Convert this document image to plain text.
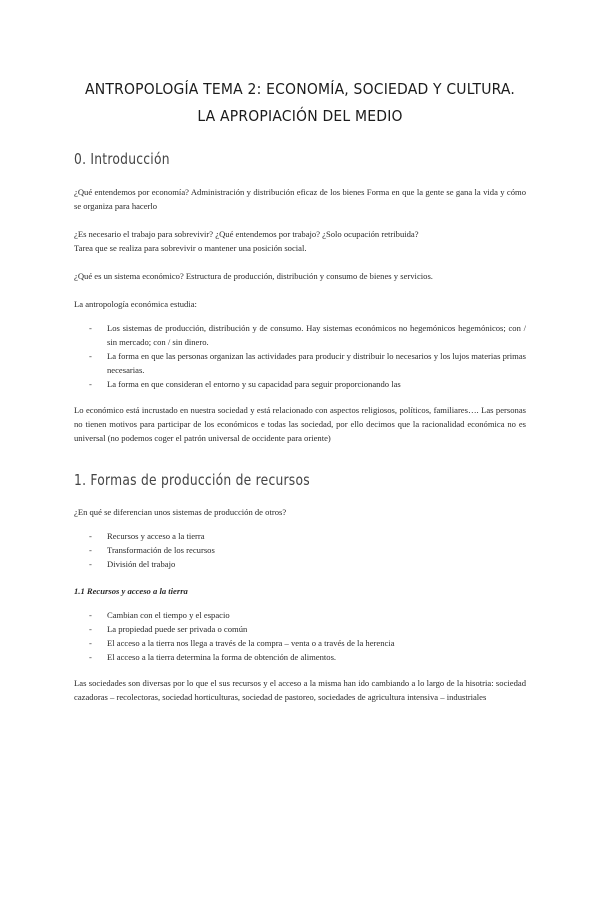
ANTROPOLOGÍA TEMA 2: ECONOMÍA, SOCIEDAD Y CULTURA. LA APROPIACIÓN DEL MEDIO
0. Introducción

¿Qué entendemos por economía? Administración y distribución eficaz de los bienes Forma en que la gente se gana la vida y cómo se organiza para hacerlo

¿Es necesario el trabajo para sobrevivir? ¿Qué entendemos por trabajo? ¿Solo ocupación retribuida?

Tarea que se realiza para sobrevivir o mantener una posición social.

¿Qué es un sistema económico? Estructura de producción, distribución y consumo de bienes y servicios.

La antropología económica estudia:

- Los sistemas de producción, distribución y de consumo. Hay sistemas económicos no hegemónicos hegemónicos; con / sin mercado; con / sin dinero.
- La forma en que las personas organizan las actividades para producir y distribuir lo necesarios y los lujos materias primas necesarias.
- La forma en que consideran el entorno y su capacidad para seguir proporcionando las

Lo económico está incrustado en nuestra sociedad y está relacionado con aspectos religiosos, políticos, familiares…. Las personas no tienen motivos para participar de los económicos e todas las sociedad, por ello decimos que la racionalidad económica no es universal (no podemos coger el patrón universal de occidente para oriente)

1. Formas de producción de recursos

¿En qué se diferencian unos sistemas de producción de otros?

- Recursos y acceso a la tierra
- Transformación de los recursos
- División del trabajo

1.1 Recursos y acceso a la tierra

- Cambian con el tiempo y el espacio
- La propiedad puede ser privada o común
- El acceso a la tierra nos llega a través de la compra – venta o a través de la herencia
- El acceso a la tierra determina la forma de obtención de alimentos.

Las sociedades son diversas por lo que el sus recursos y el acceso a la misma han ido cambiando a lo largo de la hisotria: sociedad cazadoras – recolectoras, sociedad horticulturas, sociedad de pastoreo, sociedades de agricultura intensiva – industriales
